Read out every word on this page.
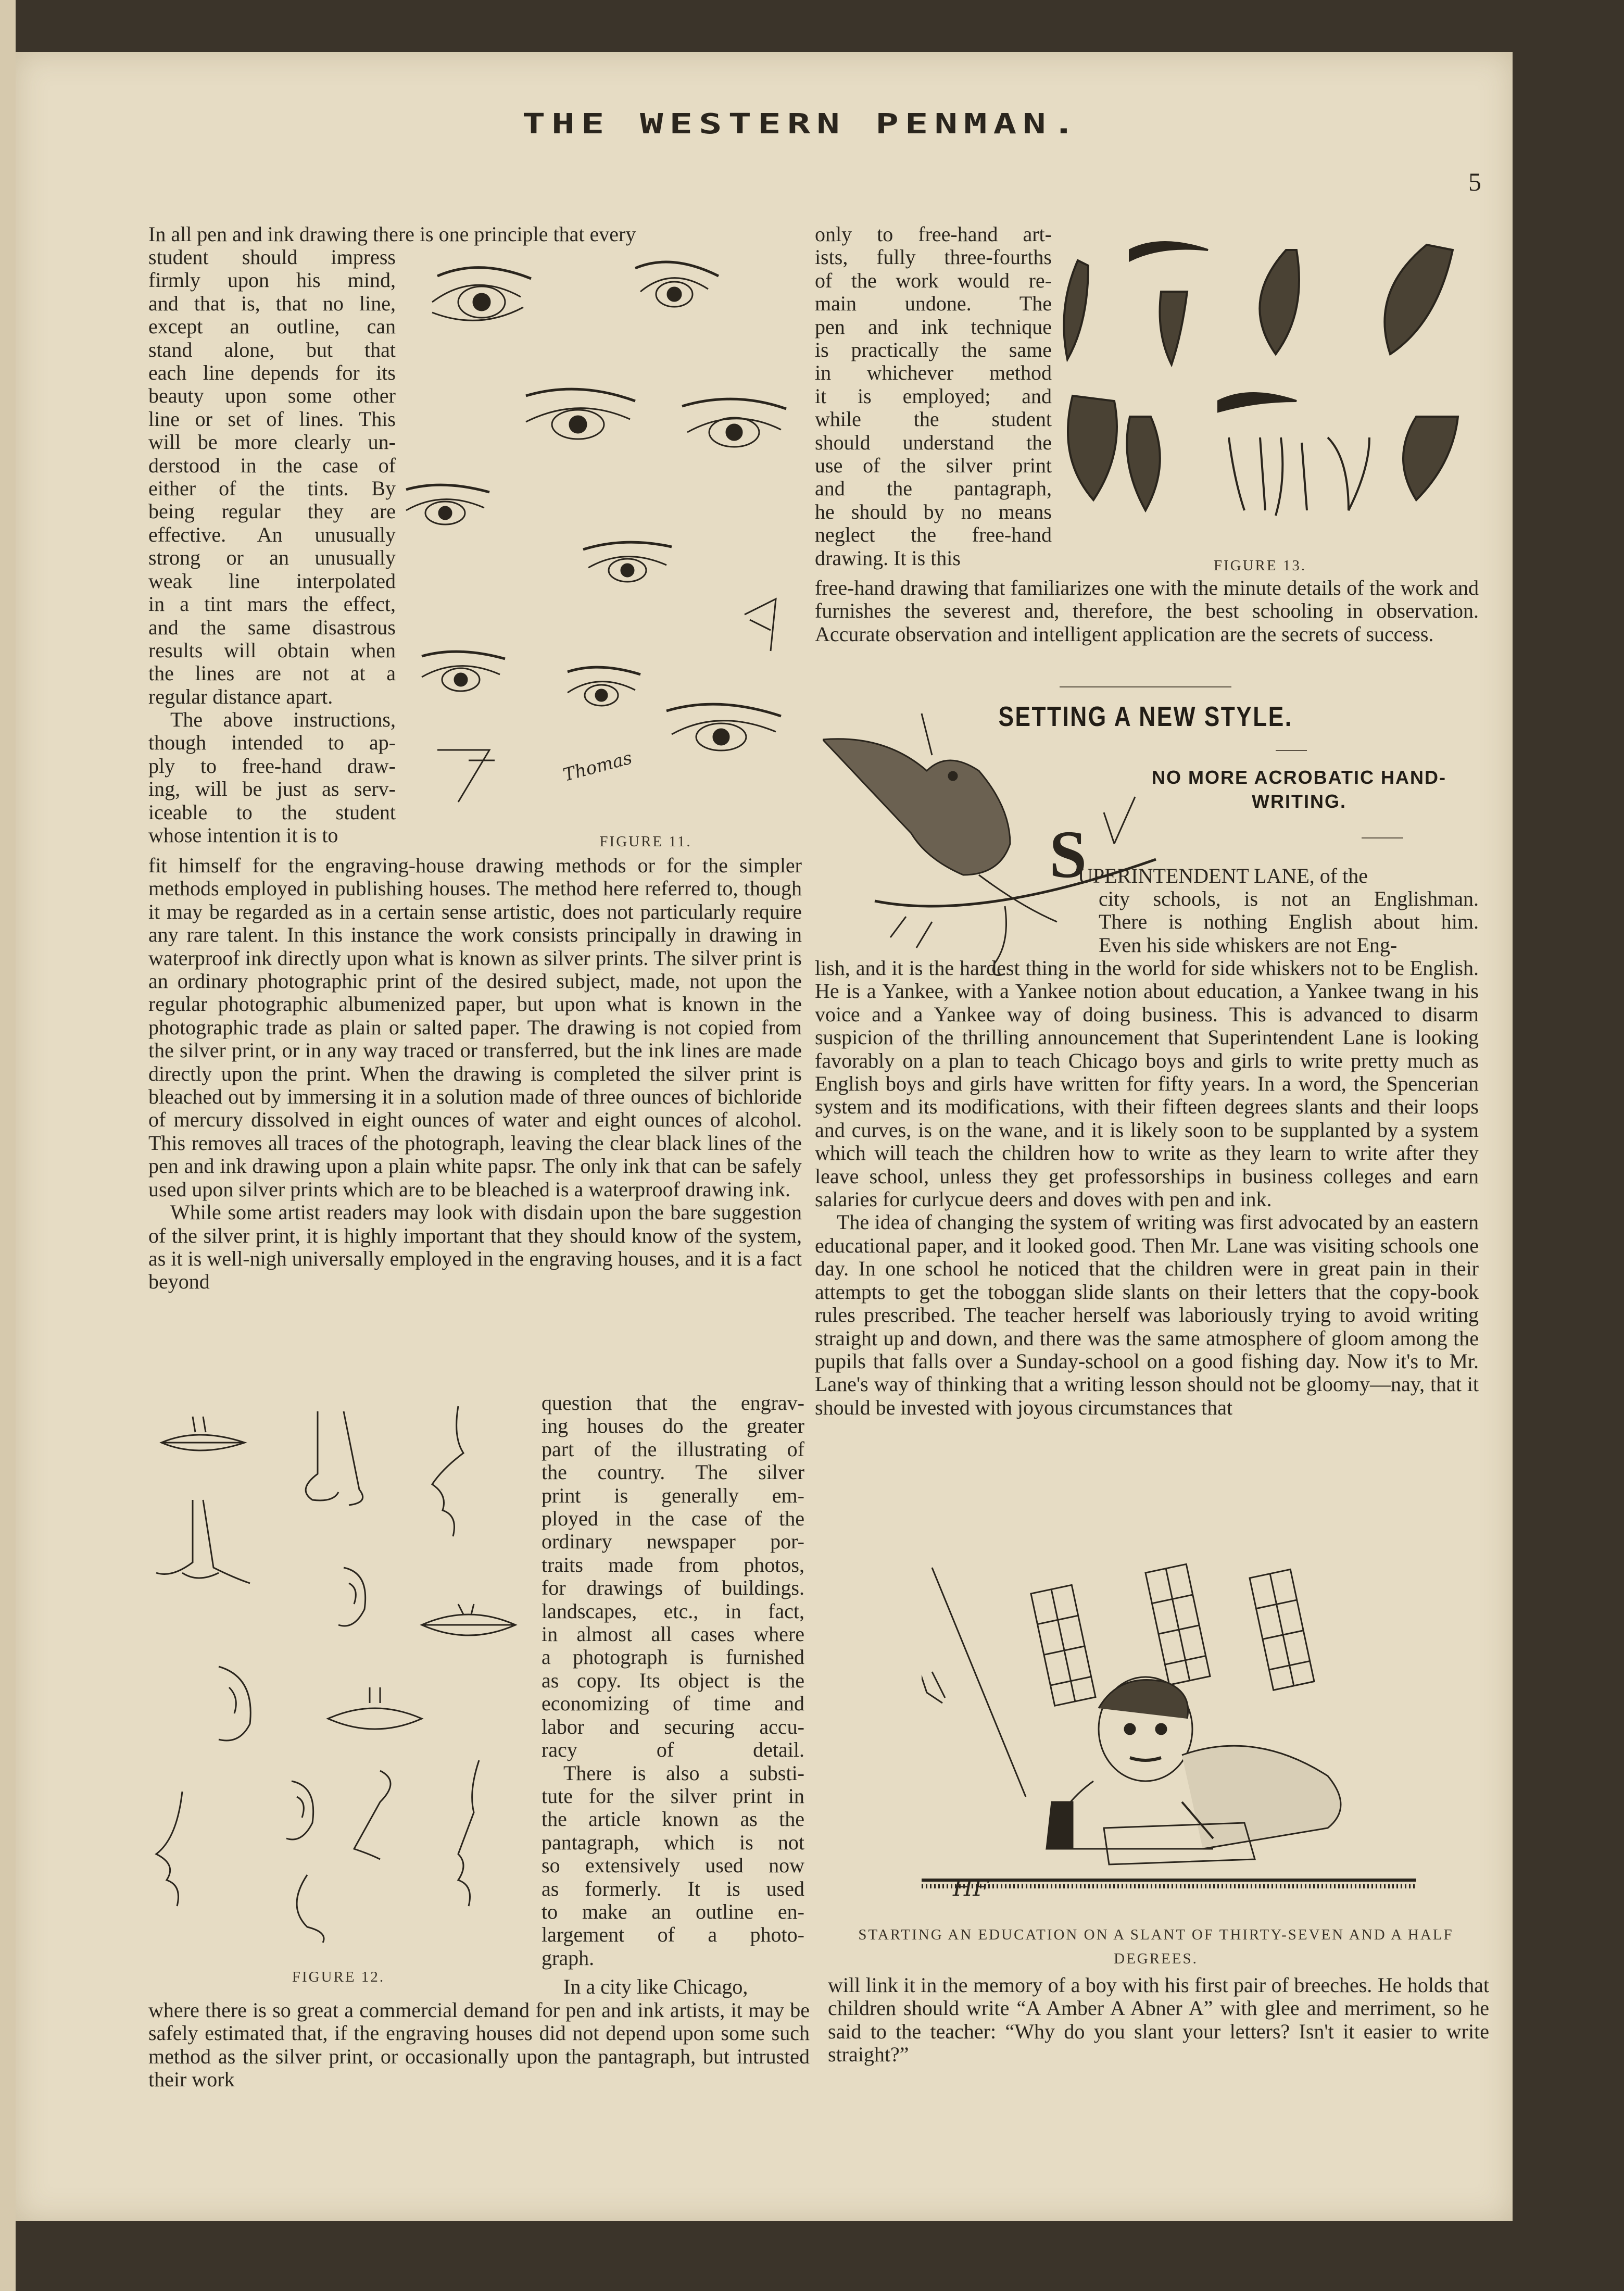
THE WESTERN PENMAN.
5
In all pen and ink drawing there is one principle that every
student should impress
firmly upon his mind,
and that is, that no line,
except an outline, can
stand alone, but that
each line depends for its
beauty upon some other
line or set of lines. This
will be more clearly un-
derstood in the case of
either of the tints. By
being regular they are
effective. An unusually
strong or an unusually
weak line interpolated
in a tint mars the effect,
and the same disastrous
results will obtain when
the lines are not at a
regular distance apart.
The above instructions,
though intended to ap-
ply to free-hand draw-
ing, will be just as serv-
iceable to the student
whose intention it is to
Thomas
FIGURE 11.

fit himself for the engraving-house drawing methods or for the simpler methods employed in publishing houses. The method here referred to, though it may be regarded as in a certain sense artistic, does not particularly require any rare talent. In this instance the work consists principally in drawing in waterproof ink directly upon what is known as silver prints. The silver print is an ordinary photographic print of the desired subject, made, not upon the regular photographic albumenized paper, but upon what is known in the photographic trade as plain or salted paper. The drawing is not copied from the silver print, or in any way traced or transferred, but the ink lines are made directly upon the print. When the drawing is completed the silver print is bleached out by immersing it in a solution made of three ounces of bichloride of mercury dissolved in eight ounces of water and eight ounces of alcohol. This removes all traces of the photograph, leaving the clear black lines of the pen and ink drawing upon a plain white papsr. The only ink that can be safely used upon silver prints which are to be bleached is a waterproof drawing ink.

While some artist readers may look with disdain upon the bare suggestion of the silver print, it is highly important that they should know of the system, as it is well-nigh universally employed in the engraving houses, and it is a fact beyond

question that the engrav-
ing houses do the greater
part of the illustrating of
the country. The silver
print is generally em-
ployed in the case of the
ordinary newspaper por-
traits made from photos,
for drawings of buildings.
landscapes, etc., in fact,
in almost all cases where
a photograph is furnished
as copy. Its object is the
economizing of time and
labor and securing accu-
racy of detail.
There is also a substi-
tute for the silver print in
the article known as the
pantagraph, which is not
so extensively used now
as formerly. It is used
to make an outline en-
largement of a photo-
graph.
FIGURE 12.	In a city like Chicago,

where there is so great a commercial demand for pen and ink artists, it may be safely estimated that, if the engraving houses did not depend upon some such method as the silver print, or occasionally upon the pantagraph, but intrusted their work

only to free-hand art-
ists, fully three-fourths
of the work would re-
main undone. The
pen and ink technique
is practically the same
in whichever method
it is employed; and
while the student
should understand the
use of the silver print
and the pantagraph,
he should by no means
neglect the free-hand
drawing. It is this	FIGURE 13.

free-hand drawing that familiarizes one with the minute details of the work and furnishes the severest and, therefore, the best schooling in observation. Accurate observation and intelligent application are the secrets of success.

SETTING A NEW STYLE.
NO MORE ACROBATIC HAND-WRITING.
S

UPERINTENDENT LANE, of the

city schools, is not an Englishman.
There is nothing English about him.
Even his side whiskers are not Eng-

lish, and it is the hardest thing in the world for side whiskers not to be English. He is a Yankee, with a Yankee notion about education, a Yankee twang in his voice and a Yankee way of doing business. This is advanced to disarm suspicion of the thrilling announcement that Superintendent Lane is looking favorably on a plan to teach Chicago boys and girls to write pretty much as English boys and girls have written for fifty years. In a word, the Spencerian system and its modifications, with their fifteen degrees slants and their loops and curves, is on the wane, and it is likely soon to be supplanted by a system which will teach the children how to write as they learn to write after they leave school, unless they get professorships in business colleges and earn salaries for curlycue deers and doves with pen and ink.

The idea of changing the system of writing was first advocated by an eastern educational paper, and it looked good. Then Mr. Lane was visiting schools one day. In one school he noticed that the children were in great pain in their attempts to get the toboggan slide slants on their letters that the copy-book rules prescribed. The teacher herself was laboriously trying to avoid writing straight up and down, and there was the same atmosphere of gloom among the pupils that falls over a Sunday-school on a good fishing day. Now it's to Mr. Lane's way of thinking that a writing lesson should not be gloomy—nay, that it should be invested with joyous circumstances that

HF
STARTING AN EDUCATION ON A SLANT OF THIRTY-SEVEN AND A HALF DEGREES.

will link it in the memory of a boy with his first pair of breeches. He holds that children should write “A Amber A Abner A” with glee and merriment, so he said to the teacher: “Why do you slant your letters? Isn't it easier to write straight?”
